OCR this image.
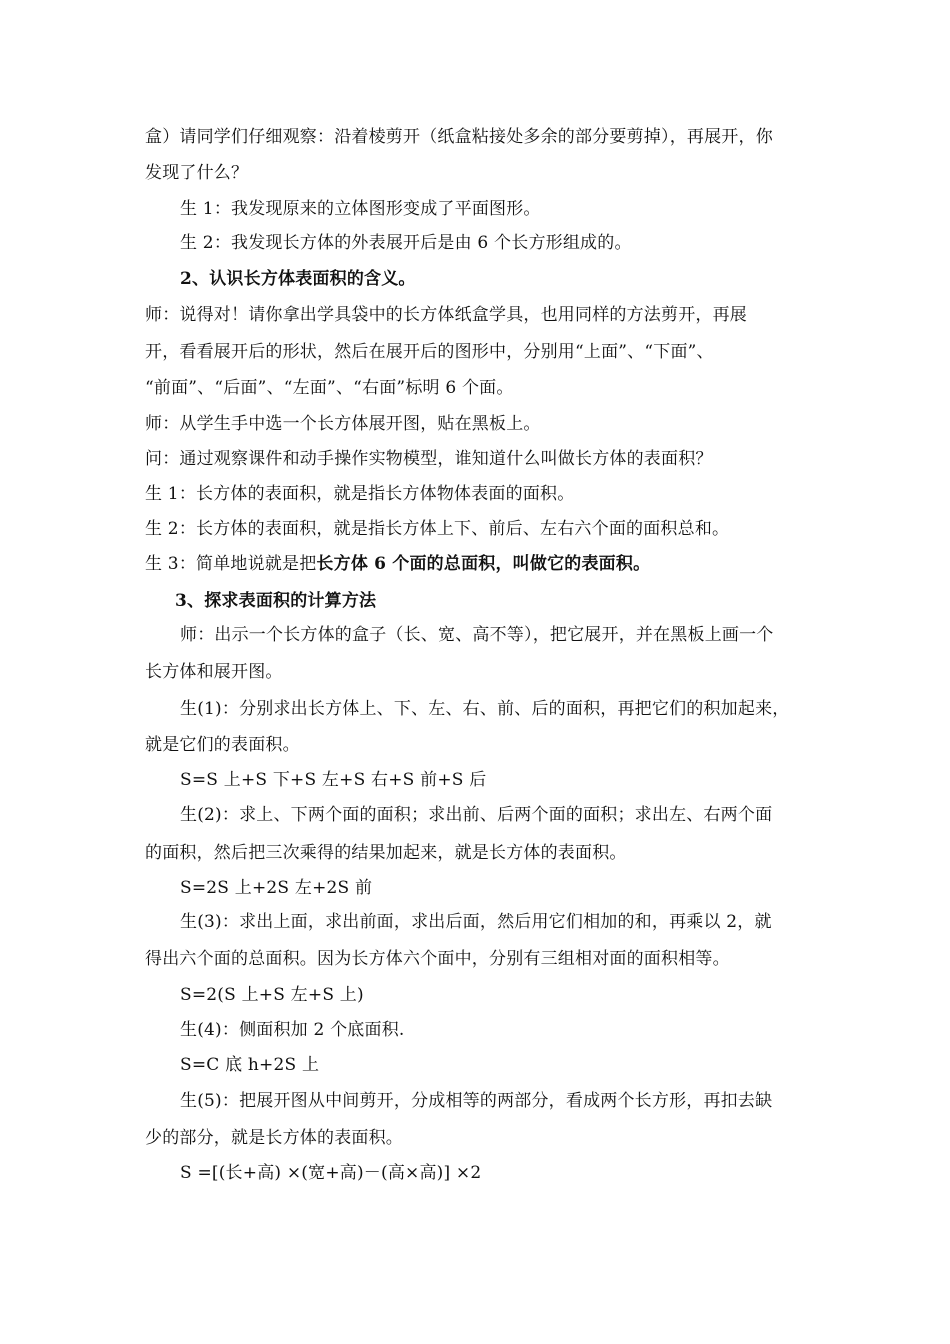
盒）请同学们仔细观察：沿着棱剪开（纸盒粘接处多余的部分要剪掉），再展开，你
发现了什么？
生 1：我发现原来的立体图形变成了平面图形。
生 2：我发现长方体的外表展开后是由 6 个长方形组成的。
2、认识长方体表面积的含义。
师：说得对！请你拿出学具袋中的长方体纸盒学具，也用同样的方法剪开，再展
开，看看展开后的形状，然后在展开后的图形中，分别用“上面”、“下面”、
“前面”、“后面”、“左面”、“右面”标明 6 个面。
师：从学生手中选一个长方体展开图，贴在黑板上。
问：通过观察课件和动手操作实物模型，谁知道什么叫做长方体的表面积？
生 1：长方体的表面积，就是指长方体物体表面的面积。
生 2：长方体的表面积，就是指长方体上下、前后、左右六个面的面积总和。
生 3：简单地说就是把长方体 6 个面的总面积，叫做它的表面积。
3、探求表面积的计算方法
师：出示一个长方体的盒子（长、宽、高不等），把它展开，并在黑板上画一个
长方体和展开图。
生(1)：分别求出长方体上、下、左、右、前、后的面积，再把它们的积加起来，
就是它们的表面积。
S=S 上+S 下+S 左+S 右+S 前+S 后
生(2)：求上、下两个面的面积；求出前、后两个面的面积；求出左、右两个面
的面积，然后把三次乘得的结果加起来，就是长方体的表面积。
S=2S 上+2S 左+2S 前
生(3)：求出上面，求出前面，求出后面，然后用它们相加的和，再乘以 2，就
得出六个面的总面积。因为长方体六个面中，分别有三组相对面的面积相等。
S=2(S 上+S 左+S 上)
生(4)：侧面积加 2 个底面积.
S=C 底 h+2S 上
生(5)：把展开图从中间剪开，分成相等的两部分，看成两个长方形，再扣去缺
少的部分，就是长方体的表面积。
S =[(长+高) ×(宽+高)－(高×高)] ×2
